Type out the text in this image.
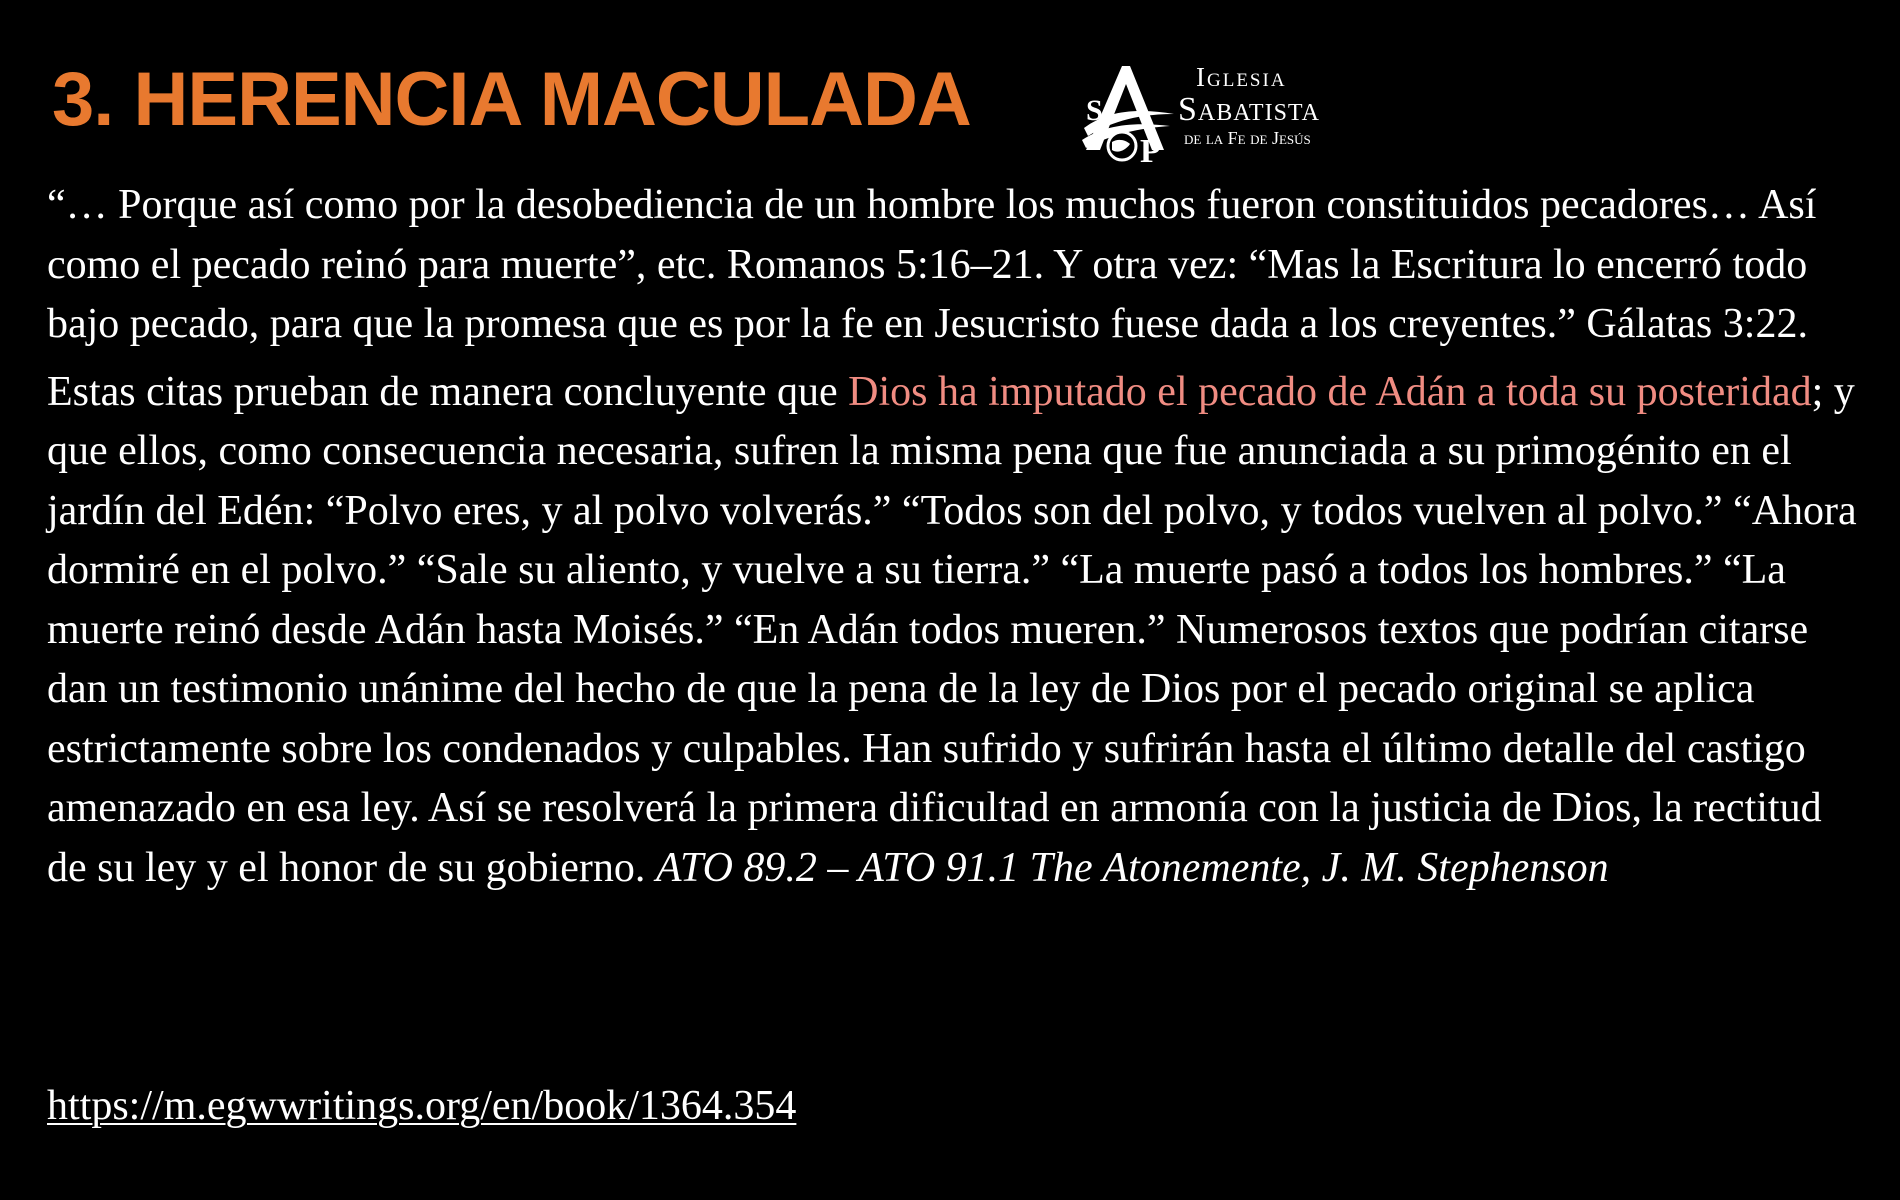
3. HERENCIA MACULADA	S
P
Iglesia
Sabatista
de la Fe de Jesús

“… Porque así como por la desobediencia de un hombre los muchos fueron constituidos pecadores… Así como el pecado reinó para muerte”, etc. Romanos 5:16–21. Y otra vez: “Mas la Escritura lo encerró todo bajo pecado, para que la promesa que es por la fe en Jesucristo fuese dada a los creyentes.” Gálatas 3:22.

Estas citas prueban de manera concluyente que Dios ha imputado el pecado de Adán a toda su posteridad; y que ellos, como consecuencia necesaria, sufren la misma pena que fue anunciada a su primogénito en el jardín del Edén: “Polvo eres, y al polvo volverás.” “Todos son del polvo, y todos vuelven al polvo.” “Ahora dormiré en el polvo.” “Sale su aliento, y vuelve a su tierra.” “La muerte pasó a todos los hombres.” “La muerte reinó desde Adán hasta Moisés.” “En Adán todos mueren.” Numerosos textos que podrían citarse dan un testimonio unánime del hecho de que la pena de la ley de Dios por el pecado original se aplica estrictamente sobre los condenados y culpables. Han sufrido y sufrirán hasta el último detalle del castigo amenazado en esa ley. Así se resolverá la primera dificultad en armonía con la justicia de Dios, la rectitud de su ley y el honor de su gobierno. ATO 89.2 – ATO 91.1 The Atonemente, J. M. Stephenson

https://m.egwwritings.org/en/book/1364.354
